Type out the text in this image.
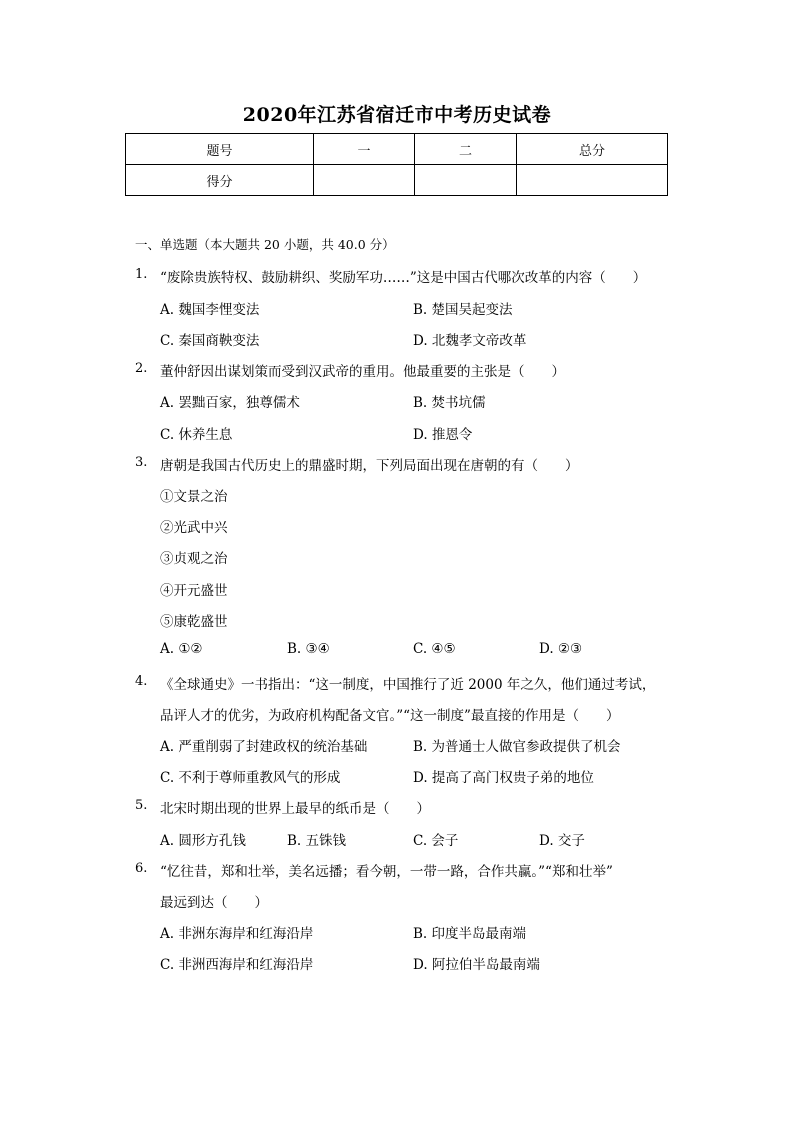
2020年江苏省宿迁市中考历史试卷
题号	一	二	总分
得分			
一、单选题（本大题共 20 小题，共 40.0 分）
1. “废除贵族特权、鼓励耕织、奖励军功……”这是中国古代哪次改革的内容（　　）
A. 魏国李悝变法	B. 楚国吴起变法
C. 秦国商鞅变法	D. 北魏孝文帝改革
2. 董仲舒因出谋划策而受到汉武帝的重用。他最重要的主张是（　　）
A. 罢黜百家，独尊儒术	B. 焚书坑儒
C. 休养生息	D. 推恩令
3. 唐朝是我国古代历史上的鼎盛时期，下列局面出现在唐朝的有（　　）
①文景之治
②光武中兴
③贞观之治
④开元盛世
⑤康乾盛世
A. ①②	B. ③④	C. ④⑤	D. ②③
4. 《全球通史》一书指出：“这一制度，中国推行了近 2000 年之久，他们通过考试，
品评人才的优劣，为政府机构配备文官。”“这一制度”最直接的作用是（　　）
A. 严重削弱了封建政权的统治基础	B. 为普通士人做官参政提供了机会
C. 不利于尊师重教风气的形成	D. 提高了高门权贵子弟的地位
5. 北宋时期出现的世界上最早的纸币是（　　）
A. 圆形方孔钱	B. 五铢钱	C. 会子	D. 交子
6. “忆往昔，郑和壮举，美名远播；看今朝，一带一路，合作共赢。”“郑和壮举”
最远到达（　　）
A. 非洲东海岸和红海沿岸	B. 印度半岛最南端
C. 非洲西海岸和红海沿岸	D. 阿拉伯半岛最南端
